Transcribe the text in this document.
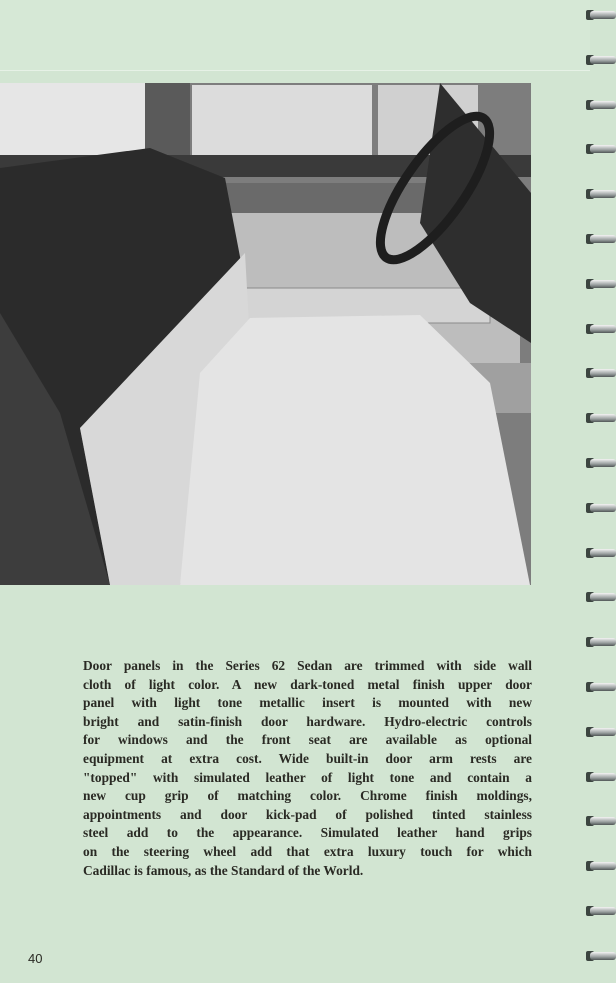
Door panels in the Series 62 Sedan are trimmed with side wall
cloth of light color. A new dark-toned metal finish upper door
panel with light tone metallic insert is mounted with new
bright and satin-finish door hardware. Hydro-electric controls
for windows and the front seat are available as optional
equipment at extra cost. Wide built-in door arm rests are
"topped" with simulated leather of light tone and contain a
new cup grip of matching color. Chrome finish moldings,
appointments and door kick-pad of polished tinted stainless
steel add to the appearance. Simulated leather hand grips
on the steering wheel add that extra luxury touch for which
Cadillac is famous, as the Standard of the World.
40
